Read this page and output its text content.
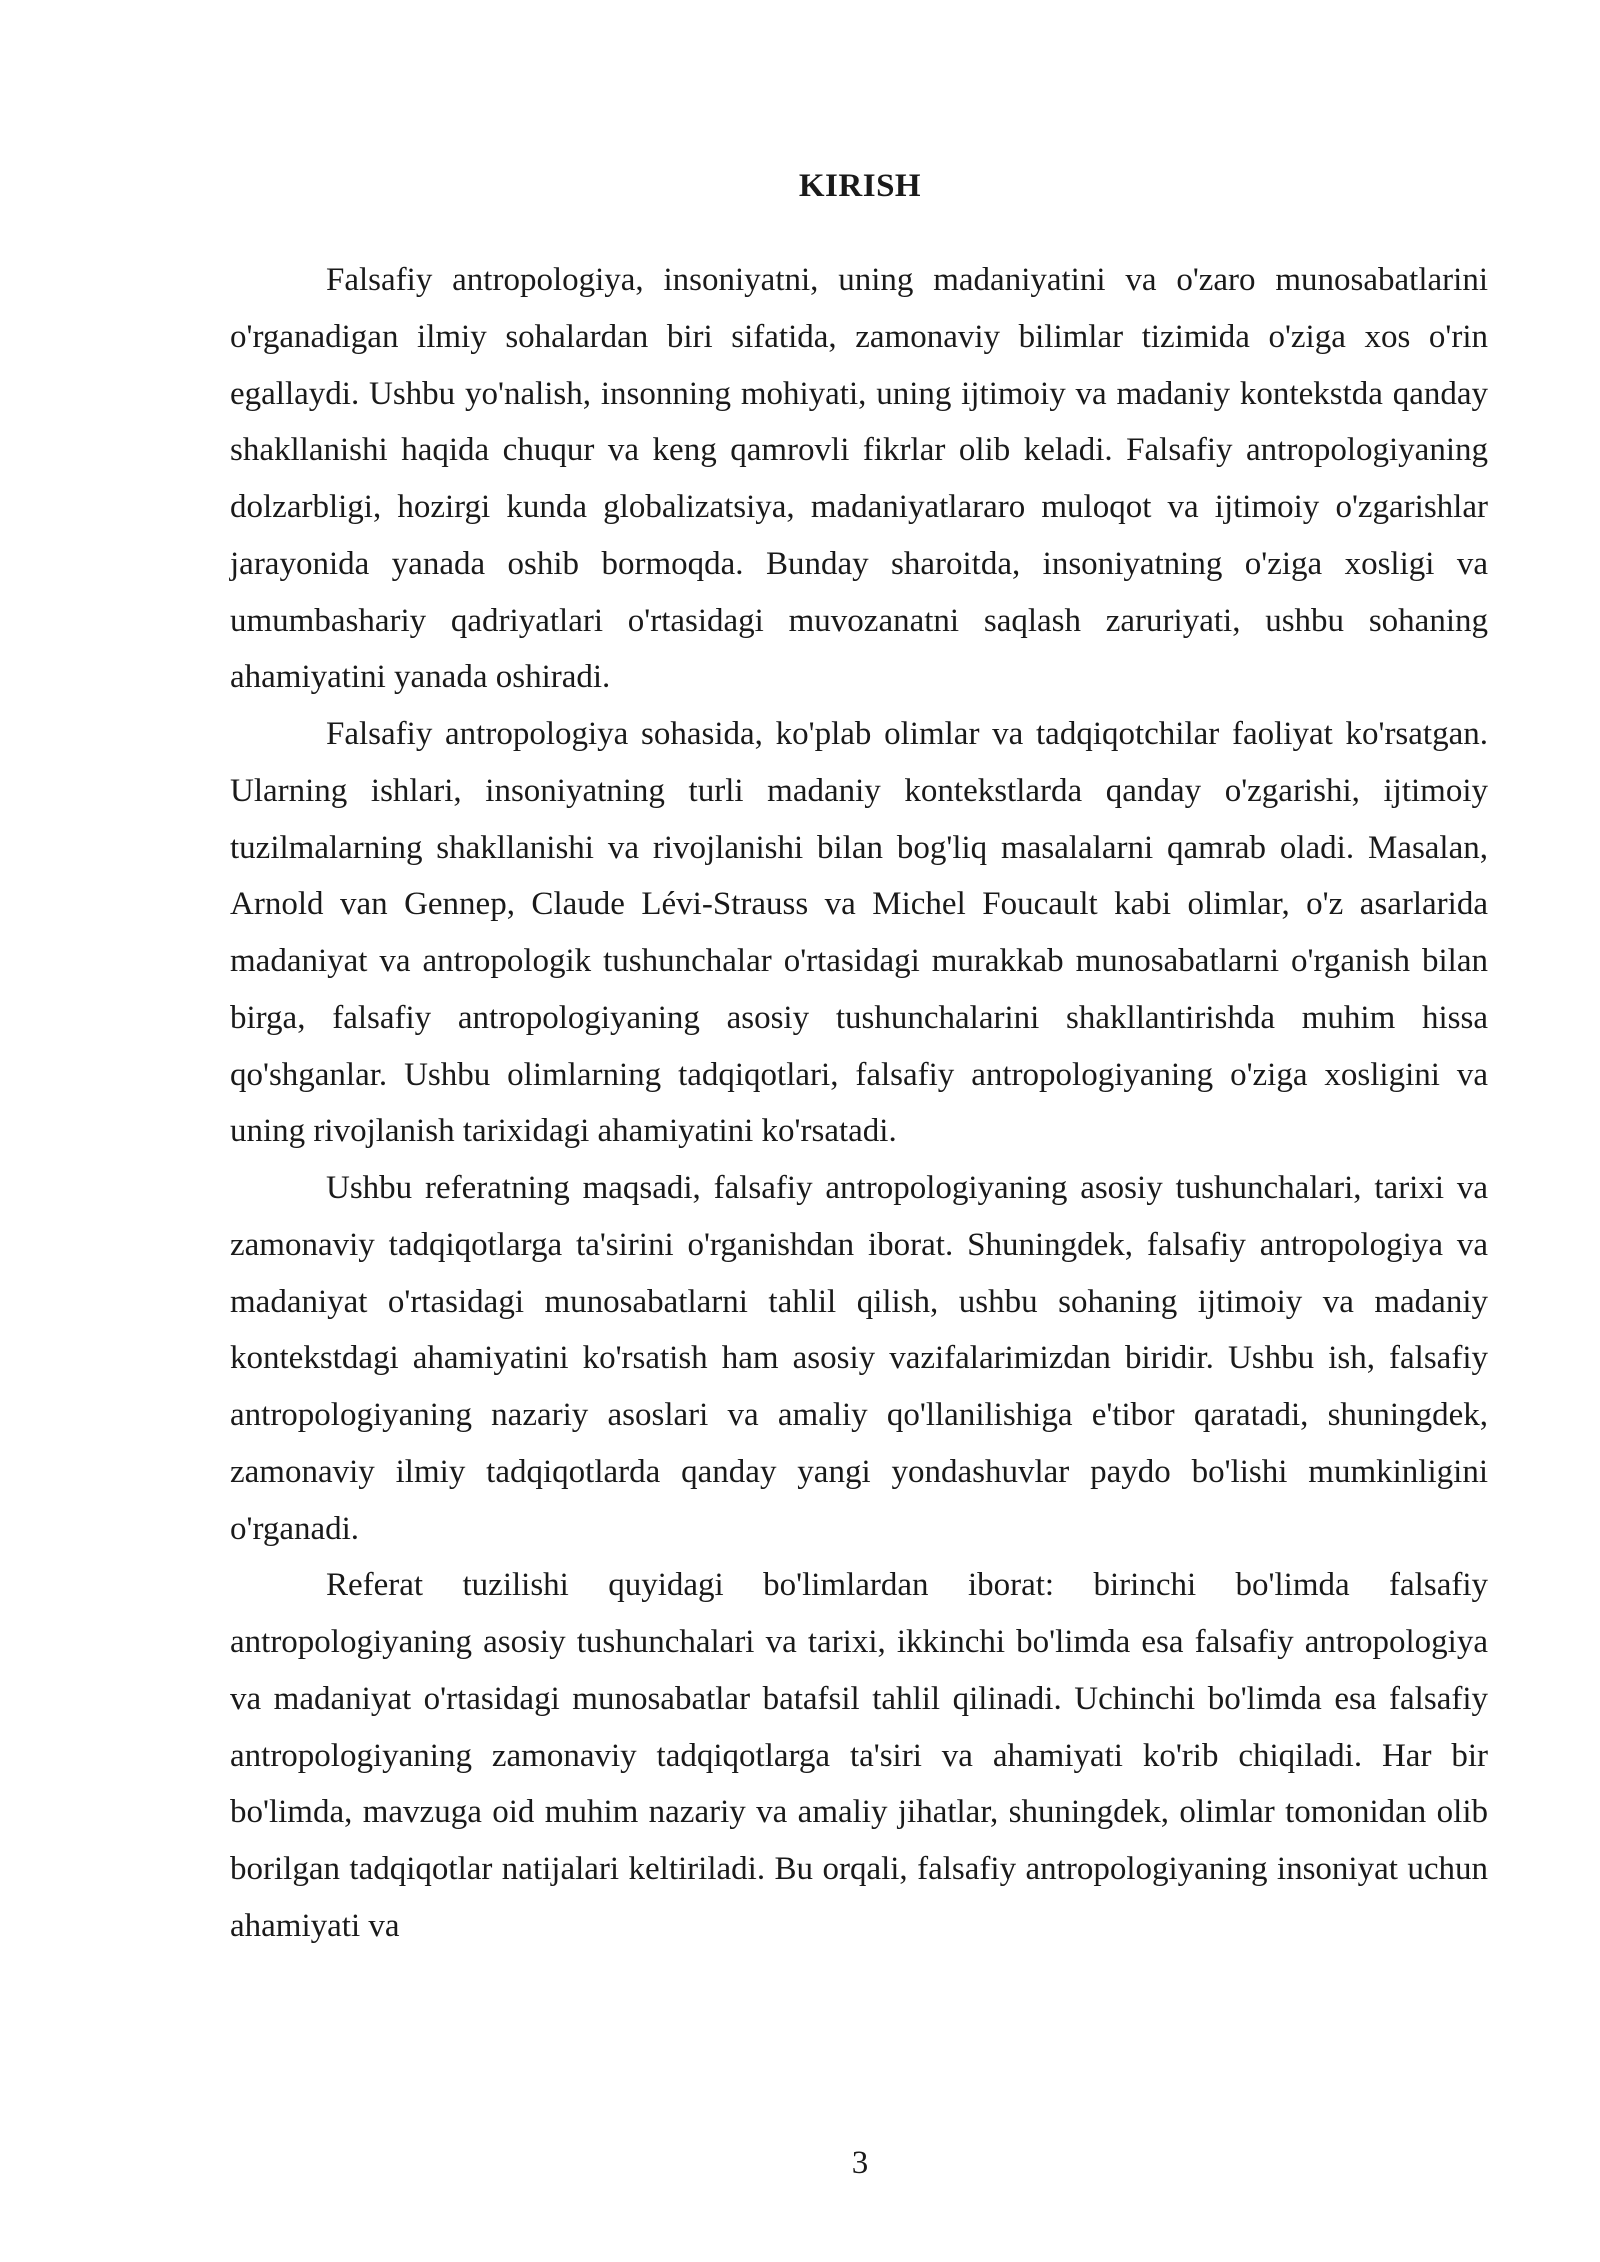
KIRISH

Falsafiy antropologiya, insoniyatni, uning madaniyatini va o'zaro munosabatlarini o'rganadigan ilmiy sohalardan biri sifatida, zamonaviy bilimlar tizimida o'ziga xos o'rin egallaydi. Ushbu yo'nalish, insonning mohiyati, uning ijtimoiy va madaniy kontekstda qanday shakllanishi haqida chuqur va keng qamrovli fikrlar olib keladi. Falsafiy antropologiyaning dolzarbligi, hozirgi kunda globalizatsiya, madaniyatlararo muloqot va ijtimoiy o'zgarishlar jarayonida yanada oshib bormoqda. Bunday sharoitda, insoniyatning o'ziga xosligi va umumbashariy qadriyatlari o'rtasidagi muvozanatni saqlash zaruriyati, ushbu sohaning ahamiyatini yanada oshiradi.

Falsafiy antropologiya sohasida, ko'plab olimlar va tadqiqotchilar faoliyat ko'rsatgan. Ularning ishlari, insoniyatning turli madaniy kontekstlarda qanday o'zgarishi, ijtimoiy tuzilmalarning shakllanishi va rivojlanishi bilan bog'liq masalalarni qamrab oladi. Masalan, Arnold van Gennep, Claude Lévi-Strauss va Michel Foucault kabi olimlar, o'z asarlarida madaniyat va antropologik tushunchalar o'rtasidagi murakkab munosabatlarni o'rganish bilan birga, falsafiy antropologiyaning asosiy tushunchalarini shakllantirishda muhim hissa qo'shganlar. Ushbu olimlarning tadqiqotlari, falsafiy antropologiyaning o'ziga xosligini va uning rivojlanish tarixidagi ahamiyatini ko'rsatadi.

Ushbu referatning maqsadi, falsafiy antropologiyaning asosiy tushunchalari, tarixi va zamonaviy tadqiqotlarga ta'sirini o'rganishdan iborat. Shuningdek, falsafiy antropologiya va madaniyat o'rtasidagi munosabatlarni tahlil qilish, ushbu sohaning ijtimoiy va madaniy kontekstdagi ahamiyatini ko'rsatish ham asosiy vazifalarimizdan biridir. Ushbu ish, falsafiy antropologiyaning nazariy asoslari va amaliy qo'llanilishiga e'tibor qaratadi, shuningdek, zamonaviy ilmiy tadqiqotlarda qanday yangi yondashuvlar paydo bo'lishi mumkinligini o'rganadi.

Referat tuzilishi quyidagi bo'limlardan iborat: birinchi bo'limda falsafiy antropologiyaning asosiy tushunchalari va tarixi, ikkinchi bo'limda esa falsafiy antropologiya va madaniyat o'rtasidagi munosabatlar batafsil tahlil qilinadi. Uchinchi bo'limda esa falsafiy antropologiyaning zamonaviy tadqiqotlarga ta'siri va ahamiyati ko'rib chiqiladi. Har bir bo'limda, mavzuga oid muhim nazariy va amaliy jihatlar, shuningdek, olimlar tomonidan olib borilgan tadqiqotlar natijalari keltiriladi. Bu orqali, falsafiy antropologiyaning insoniyat uchun ahamiyati va

3
